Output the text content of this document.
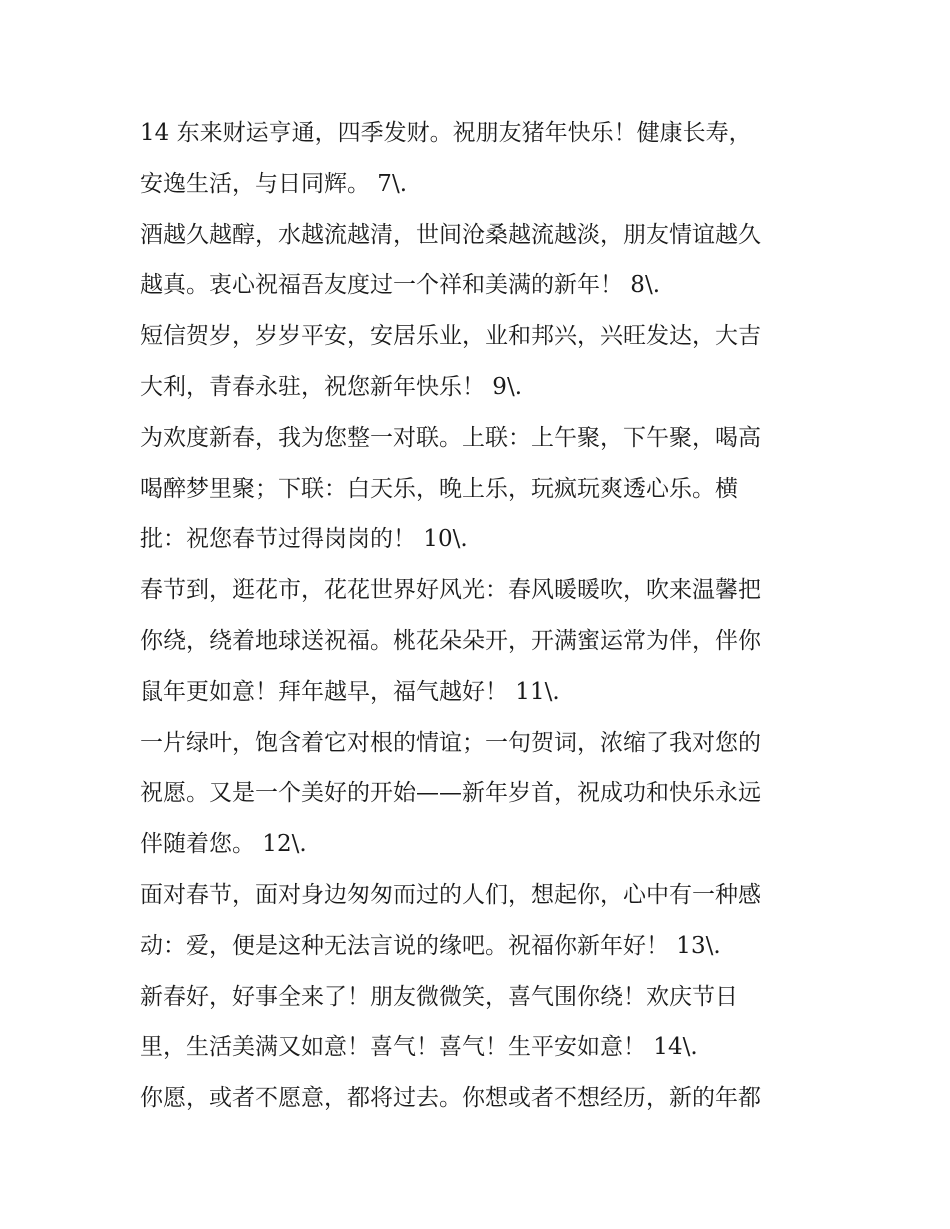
14 东来财运亨通，四季发财。祝朋友猪年快乐！健康长寿，
安逸生活，与日同辉。 7\.
酒越久越醇，水越流越清，世间沧桑越流越淡，朋友情谊越久
越真。衷心祝福吾友度过一个祥和美满的新年！ 8\.
短信贺岁，岁岁平安，安居乐业，业和邦兴，兴旺发达，大吉
大利，青春永驻，祝您新年快乐！ 9\.
为欢度新春，我为您整一对联。上联：上午聚，下午聚，喝高
喝醉梦里聚；下联：白天乐，晚上乐，玩疯玩爽透心乐。横
批：祝您春节过得岗岗的！ 10\.
春节到，逛花市，花花世界好风光：春风暖暖吹，吹来温馨把
你绕，绕着地球送祝福。桃花朵朵开，开满蜜运常为伴，伴你
鼠年更如意！拜年越早，福气越好！ 11\.
一片绿叶，饱含着它对根的情谊；一句贺词，浓缩了我对您的
祝愿。又是一个美好的开始——新年岁首，祝成功和快乐永远
伴随着您。 12\.
面对春节，面对身边匆匆而过的人们，想起你，心中有一种感
动：爱，便是这种无法言说的缘吧。祝福你新年好！ 13\.
新春好，好事全来了！朋友微微笑，喜气围你绕！欢庆节日
里，生活美满又如意！喜气！喜气！生平安如意！ 14\.
你愿，或者不愿意，都将过去。你想或者不想经历，新的年都
